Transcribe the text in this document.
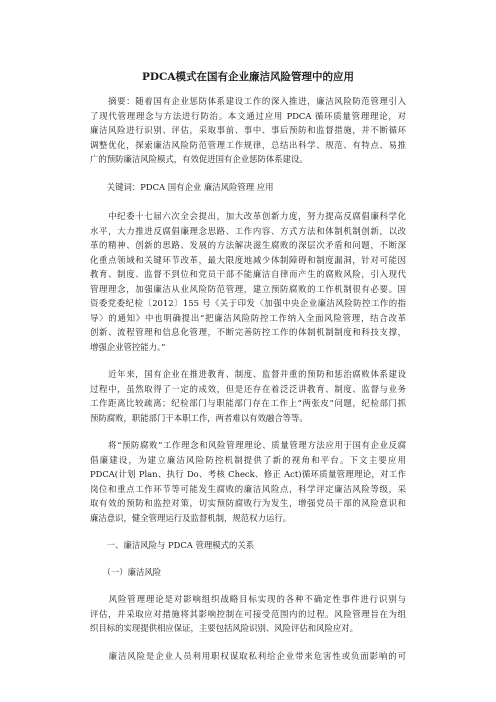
PDCA模式在国有企业廉洁风险管理中的应用
　　摘要：随着国有企业惩防体系建设工作的深入推进，廉洁风险防范管理引入
了现代管理理念与方法进行防治。本文通过应用 PDCA 循环质量管理理论，对
廉洁风险进行识别、评估，采取事前、事中、事后预防和监督措施，并不断循环
调整优化，探索廉洁风险防范管理工作规律，总结出科学、规范、有特点、易推
广的预防廉洁风险模式，有效促进国有企业惩防体系建设。
　　关键词：PDCA 国有企业 廉洁风险管理 应用
　　中纪委十七届六次全会提出，加大改革创新力度，努力提高反腐倡廉科学化
水平，大力推进反腐倡廉理念思路、工作内容、方式方法和体制机制创新，以改
革的精神、创新的思路、发展的方法解决滋生腐败的深层次矛盾和问题，不断深
化重点领域和关键环节改革，最大限度地减少体制障碍和制度漏洞，针对可能因
教育、制度、监督不到位和党员干部不能廉洁自律而产生的腐败风险，引入现代
管理理念，加强廉洁从业风险防范管理，建立预防腐败的工作机制很有必要。国
资委党委纪检〔2012〕155 号《关于印发〈加强中央企业廉洁风险防控工作的指
导〉的通知》中也明确提出“把廉洁风险防控工作纳入全面风险管理，结合改革
创新、流程管理和信息化管理，不断完善防控工作的体制机制制度和科技支撑，
增强企业管控能力。”
　　近年来，国有企业在推进教育、制度、监督并重的预防和惩治腐败体系建设
过程中，虽然取得了一定的成效，但是还存在着泛泛讲教育、制度、监督与业务
工作距离比较疏离；纪检部门与职能部门存在工作上“两张皮”问题，纪检部门抓
预防腐败，职能部门干本职工作，两者难以有效融合等等。
　　将“预防腐败”工作理念和风险管理理论、质量管理方法应用于国有企业反腐
倡廉建设，为建立廉洁风险防控机制提供了新的视角和平台。下文主要应用
PDCA(计划 Plan、执行 Do、考核 Check、修正 Act)循环质量管理理论，对工作
岗位和重点工作环节等可能发生腐败的廉洁风险点，科学评定廉洁风险等级，采
取有效的预防和监控对策，切实预防腐败行为发生，增强党员干部的风险意识和
廉洁意识，健全管理运行及监督机制，规范权力运行。
　　一、廉洁风险与 PDCA 管理模式的关系
　　（一）廉洁风险
　　风险管理理论是对影响组织战略目标实现的各种不确定性事件进行识别与
评估，并采取应对措施将其影响控制在可接受范围内的过程。风险管理旨在为组
织目标的实现提供相应保证，主要包括风险识别、风险评估和风险应对。
　　廉洁风险是企业人员利用职权谋取私利给企业带来危害性或负面影响的可
